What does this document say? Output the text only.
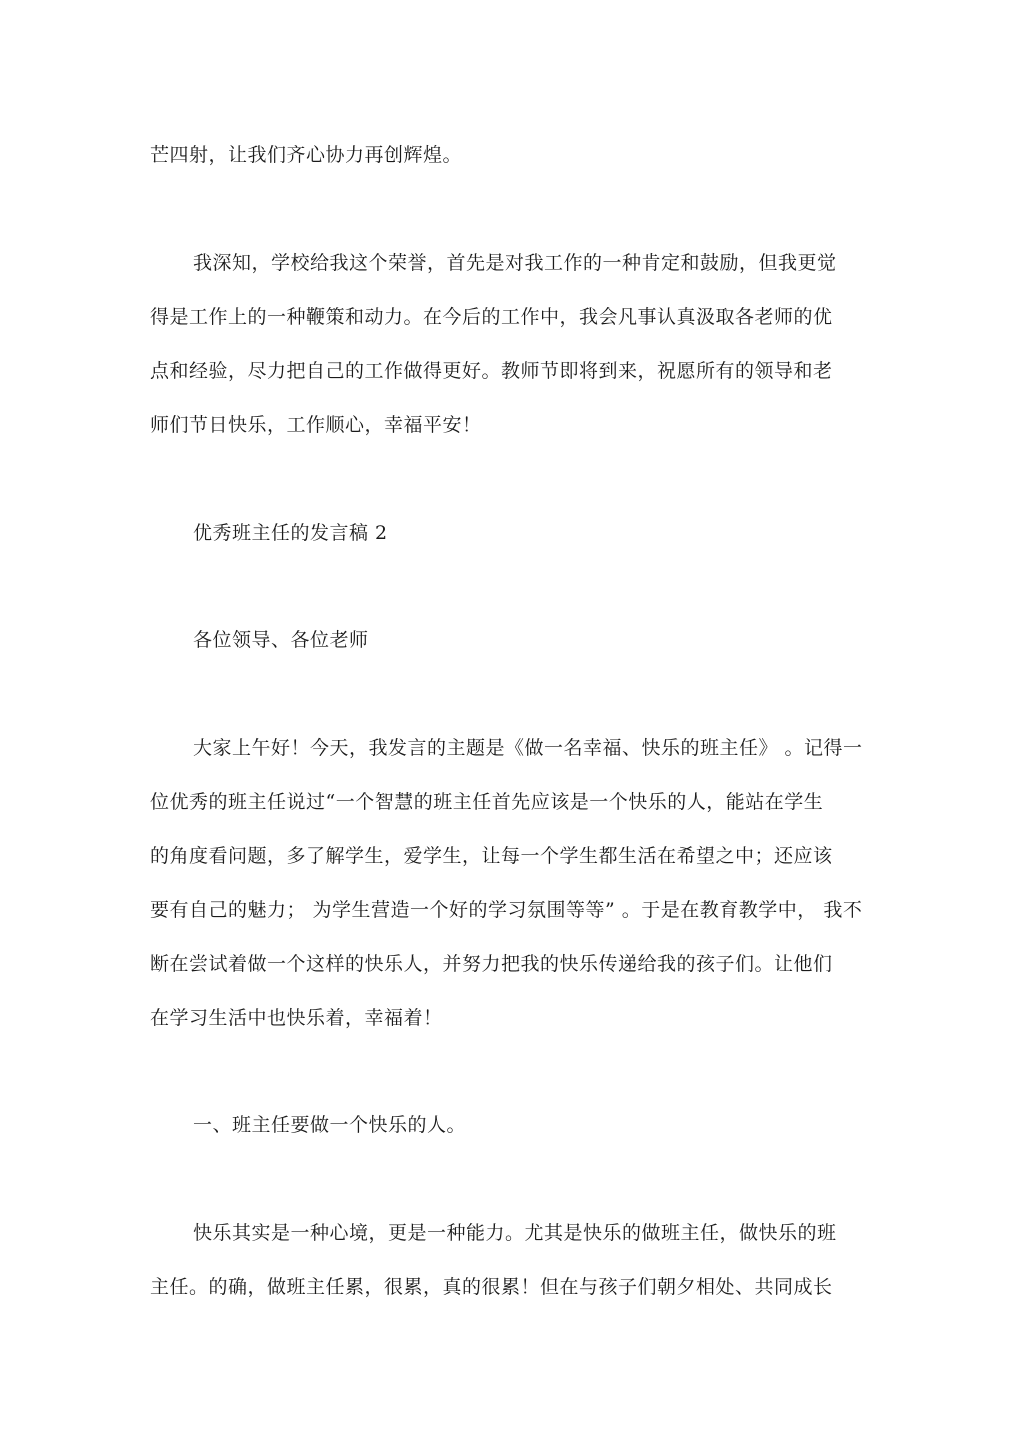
芒四射，让我们齐心协力再创辉煌。
我深知，学校给我这个荣誉，首先是对我工作的一种肯定和鼓励，但我更觉
得是工作上的一种鞭策和动力。在今后的工作中，我会凡事认真汲取各老师的优
点和经验，尽力把自己的工作做得更好。教师节即将到来，祝愿所有的领导和老
师们节日快乐，工作顺心，幸福平安！
优秀班主任的发言稿 2
各位领导、各位老师
大家上午好！今天，我发言的主题是《做一名幸福、快乐的班主任》 。记得一
位优秀的班主任说过“一个智慧的班主任首先应该是一个快乐的人，能站在学生
的角度看问题，多了解学生，爱学生，让每一个学生都生活在希望之中；还应该
要有自己的魅力； 为学生营造一个好的学习氛围等等” 。于是在教育教学中， 我不
断在尝试着做一个这样的快乐人，并努力把我的快乐传递给我的孩子们。让他们
在学习生活中也快乐着，幸福着！
一、班主任要做一个快乐的人。
快乐其实是一种心境，更是一种能力。尤其是快乐的做班主任，做快乐的班
主任。的确，做班主任累，很累，真的很累！但在与孩子们朝夕相处、共同成长
